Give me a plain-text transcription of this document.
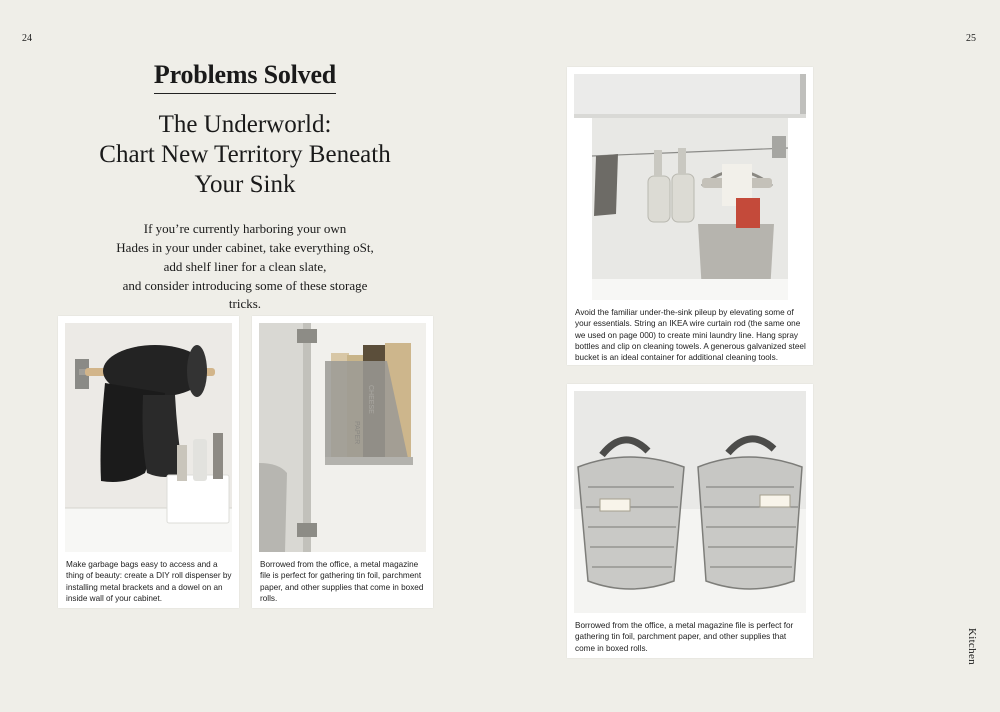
24	25
Kitchen
Problems Solved
The Underworld:
Chart New Territory Beneath
Your Sink
If you’re currently harboring your own
Hades in your under cabinet, take everything oSt,
add shelf liner for a clean slate,
and consider introducing some of these storage tricks.
Make garbage bags easy to access and a thing of beauty: create a DIY roll dispenser by installing metal brackets and a dowel on an inside wall of your cabinet.
Borrowed from the office, a metal magazine file is perfect for gathering tin foil, parchment paper, and other supplies that come in boxed rolls.
Avoid the familiar under-the-sink pileup by elevating some of your essentials. String an IKEA wire curtain rod (the same one we used on page 000) to create mini laundry line. Hang spray bottles and clip on cleaning towels. A generous galvanized steel bucket is an ideal container for additional cleaning tools.
Borrowed from the office, a metal magazine file is perfect for gathering tin foil, parchment paper, and other supplies that come in boxed rolls.
